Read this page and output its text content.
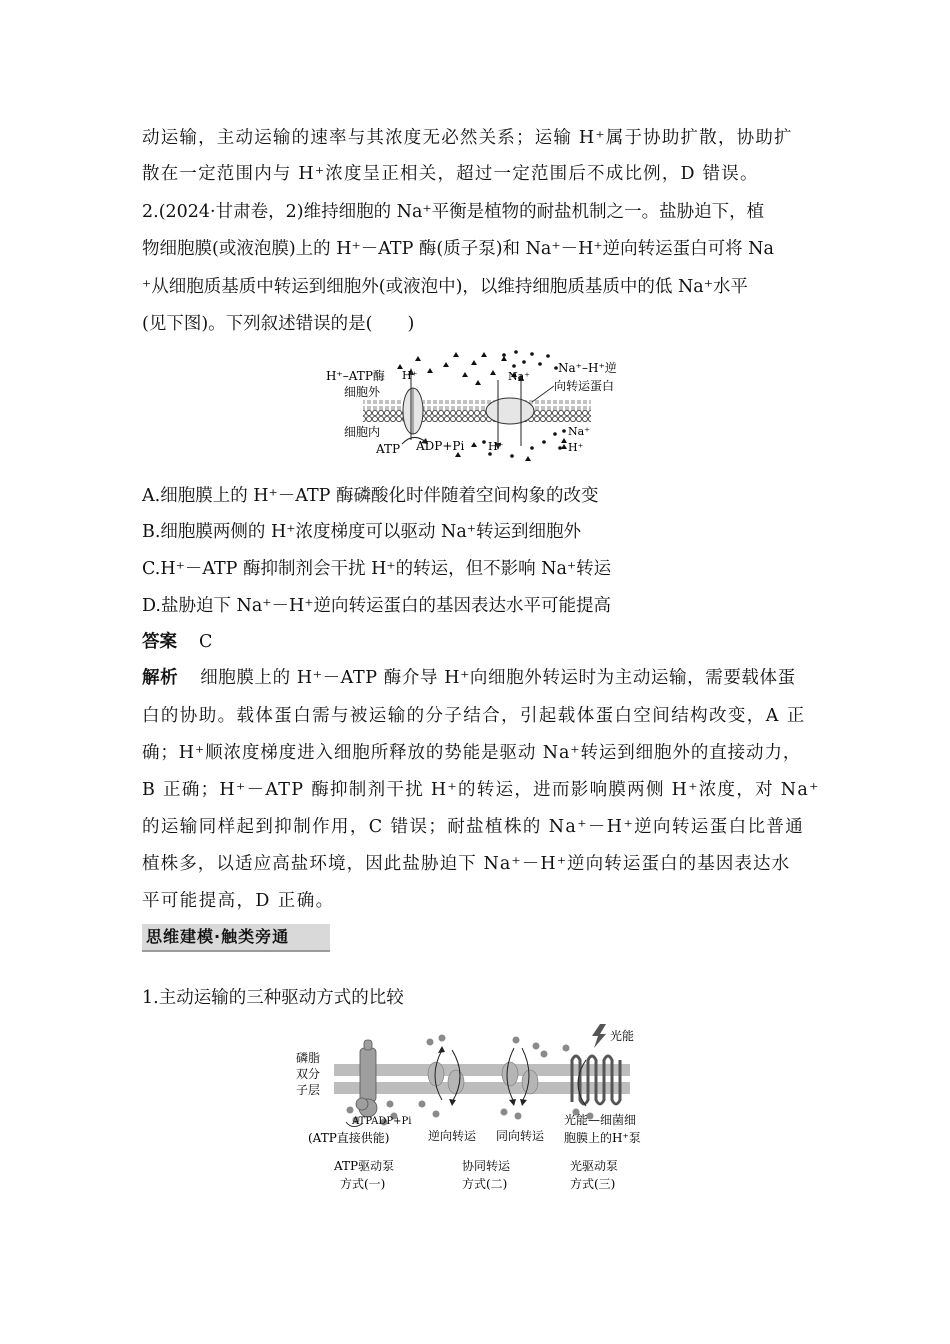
动运输，主动运输的速率与其浓度无必然关系；运输 H⁺属于协助扩散，协助扩
散在一定范围内与 H⁺浓度呈正相关，超过一定范围后不成比例，D 错误。
2.(2024·甘肃卷，2)维持细胞的 Na⁺平衡是植物的耐盐机制之一。盐胁迫下，植
物细胞膜(或液泡膜)上的 H⁺－ATP 酶(质子泵)和 Na⁺－H⁺逆向转运蛋白可将 Na
⁺从细胞质基质中转运到细胞外(或液泡中)，以维持细胞质基质中的低 Na⁺水平
(见下图)。下列叙述错误的是(　　)
H⁺–ATP酶 H⁺	Na⁺
Na⁺–H⁺逆
向转运蛋白
细胞外
细胞内
ATP ADP+Pi H⁺
Na⁺
H⁺
A.细胞膜上的 H⁺－ATP 酶磷酸化时伴随着空间构象的改变
B.细胞膜两侧的 H⁺浓度梯度可以驱动 Na⁺转运到细胞外
C.H⁺－ATP 酶抑制剂会干扰 H⁺的转运，但不影响 Na⁺转运
D.盐胁迫下 Na⁺－H⁺逆向转运蛋白的基因表达水平可能提高
答案 C
解析 细胞膜上的 H⁺－ATP 酶介导 H⁺向细胞外转运时为主动运输，需要载体蛋
白的协助。载体蛋白需与被运输的分子结合，引起载体蛋白空间结构改变，A 正
确；H⁺顺浓度梯度进入细胞所释放的势能是驱动 Na⁺转运到细胞外的直接动力，
B 正确；H⁺－ATP 酶抑制剂干扰 H⁺的转运，进而影响膜两侧 H⁺浓度，对 Na⁺
的运输同样起到抑制作用，C 错误；耐盐植株的 Na⁺－H⁺逆向转运蛋白比普通
植株多，以适应高盐环境，因此盐胁迫下 Na⁺－H⁺逆向转运蛋白的基因表达水
平可能提高，D 正确。
思维建模·触类旁通
1.主动运输的三种驱动方式的比较
磷脂
双分
子层
ATPADP+Pi
(ATP直接供能)	逆向转运 同向转运
光能
光能—细菌细
胞膜上的H⁺泵
ATP驱动泵
方式(一)
协同转运
方式(二)
光驱动泵
方式(三)
